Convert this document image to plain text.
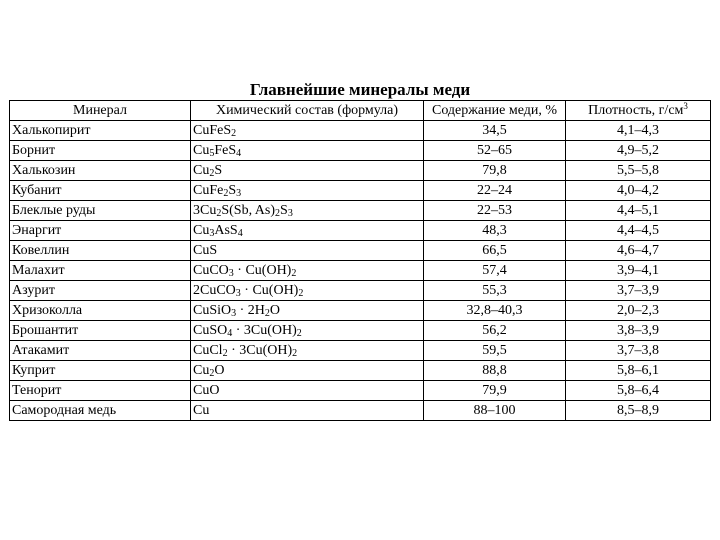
Главнейшие минералы меди
Минерал	Химический состав (формула)	Содержание меди, %	Плотность, $г/см^3$
Халькопирит	CuFeS$_2$	34,5	4,1–4,3
Борнит	$Cu_5FeS_4$	52–65	4,9–5,2
Халькозин	$Cu_2S$	79,8	5,5–5,8
Кубанит	$CuFe_2S_3$	22–24	4,0–4,2
Блеклые руды	$3Cu_2S(Sb$, $As)_2S_3$	22–53	4,4–5,1
Энаргит	$Cu_3AsS_4$	48,3	4,4–4,5
Ковеллин	CuS	66,5	4,6–4,7
Малахит	CuCO$_3$ · $Cu(OH)_2$	57,4	3,9–4,1
Азурит	2CuCO$_3$ · $Cu(OH)_2$	55,3	3,7–3,9
Хризоколла	CuSiO$_3$ · $2H_2O$	32,8–40,3	2,0–2,3
Брошантит	CuSO$_4$ · $3Cu(OH)_2$	56,2	3,8–3,9
Атакамит	CuCl$_2$ · $3Cu(OH)_2$	59,5	3,7–3,8
Куприт	$Cu_2O$	88,8	5,8–6,1
Тенорит	CuO	79,9	5,8–6,4
Самородная медь	Cu	88–100	8,5–8,9
